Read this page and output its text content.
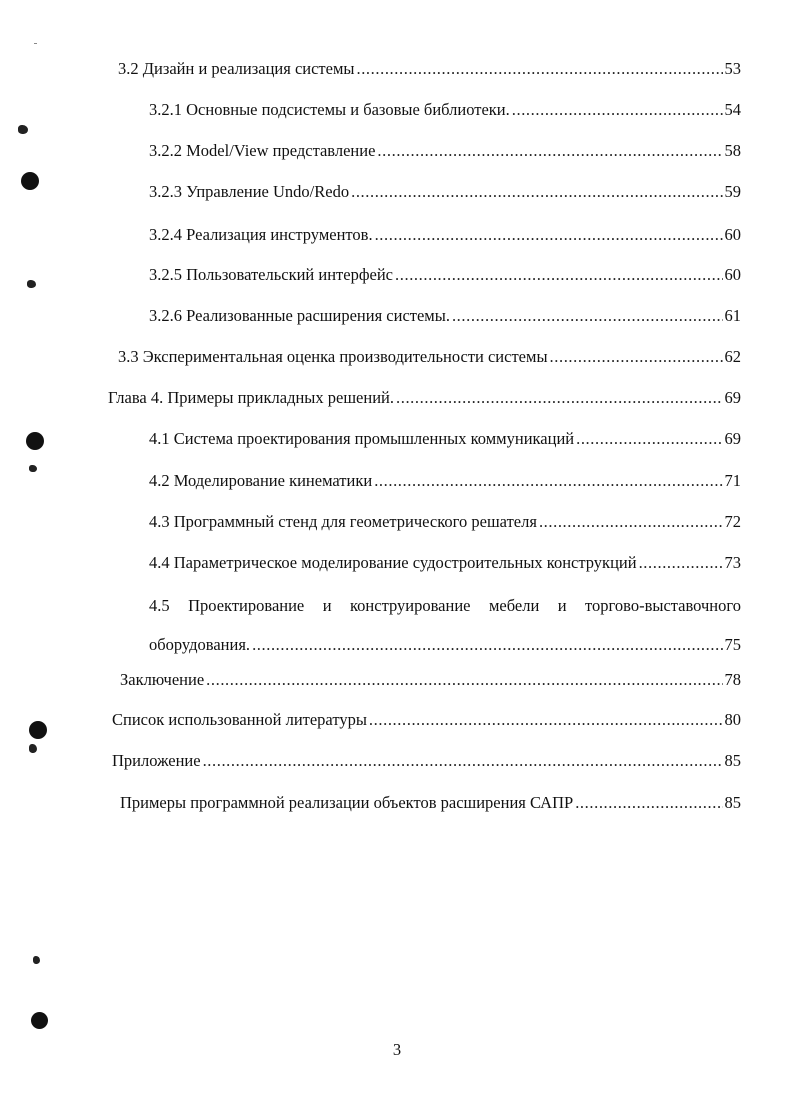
3.2 Дизайн и реализация системы .....	53
3.2.1 Основные подсистемы и базовые библиотеки. .....	54
3.2.2 Model/View представление .....	58
3.2.3 Управление Undo/Redo .....	59
3.2.4 Реализация инструментов. .....	60
3.2.5 Пользовательский интерфейс .....	60
3.2.6 Реализованные расширения системы. .....	61
3.3 Экспериментальная оценка производительности системы .....	62
Глава 4. Примеры прикладных решений. .....	69
4.1 Система проектирования промышленных коммуникаций .....	69
4.2 Моделирование кинематики .....	71
4.3 Программный стенд для геометрического решателя .....	72
4.4 Параметрическое моделирование судостроительных конструкций .....	73
4.5 Проектирование и конструирование мебели и торгово-выставочного
оборудования. .....	75
Заключение .....	78
Список использованной литературы .....	80
Приложение .....	85
Примеры программной реализации объектов расширения САПР .....	85
3
